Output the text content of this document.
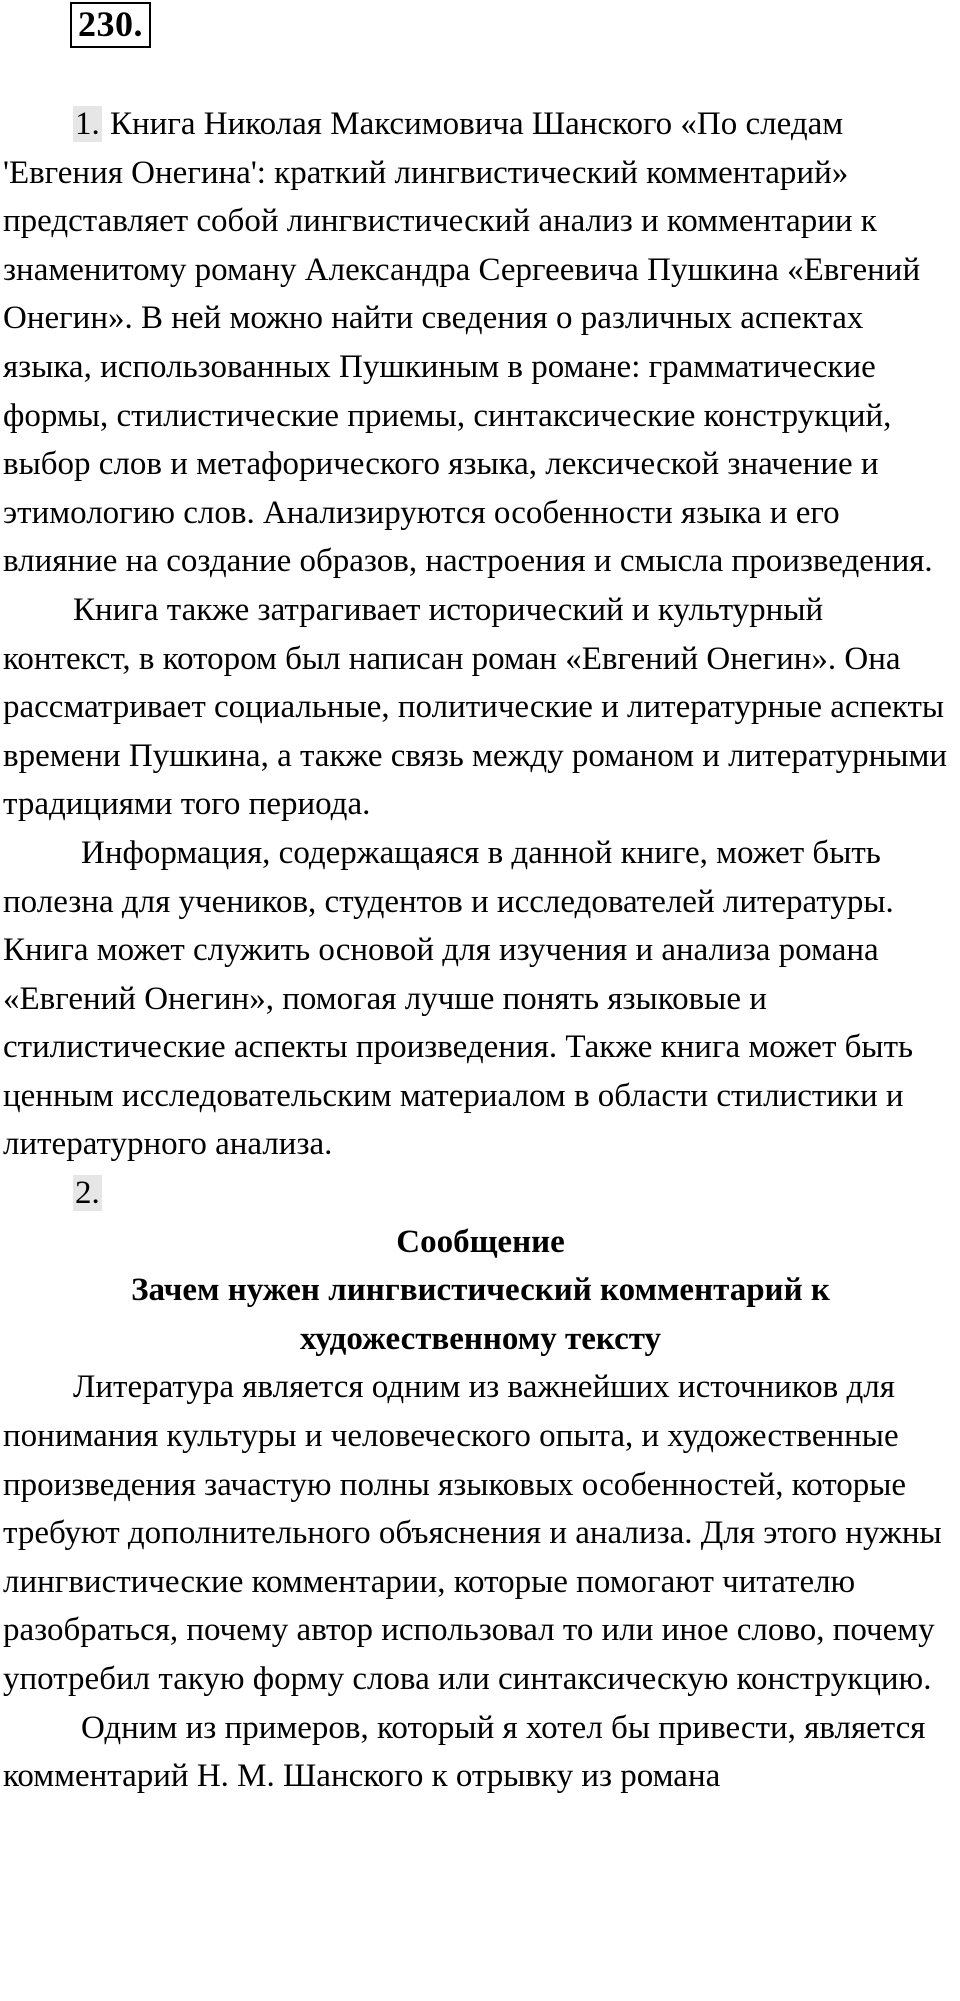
230.

1. Книга Николая Максимовича Шанского «По следам 'Евгения Онегина': краткий лингвистический комментарий» представляет собой лингвистический анализ и комментарии к знаменитому роману Александра Сергеевича Пушкина «Евгений Онегин». В ней можно найти сведения о различных аспектах языка, использованных Пушкиным в романе: грамматические формы, стилистические приемы, синтаксические конструкций, выбор слов и метафорического языка, лексической значение и этимологию слов. Анализируются особенности языка и его влияние на создание образов, настроения и смысла произведения.

Книга также затрагивает исторический и культурный контекст, в котором был написан роман «Евгений Онегин». Она рассматривает социальные, политические и литературные аспекты времени Пушкина, а также связь между романом и литературными традициями того периода.

Информация, содержащаяся в данной книге, может быть полезна для учеников, студентов и исследователей литературы. Книга может служить основой для изучения и анализа романа «Евгений Онегин», помогая лучше понять языковые и стилистические аспекты произведения. Также книга может быть ценным исследовательским материалом в области стилистики и литературного анализа.

2.

Сообщение

Зачем нужен лингвистический комментарий к художественному тексту

Литература является одним из важнейших источников для понимания культуры и человеческого опыта, и художественные произведения зачастую полны языковых особенностей, которые требуют дополнительного объяснения и анализа. Для этого нужны лингвистические комментарии, которые помогают читателю разобраться, почему автор использовал то или иное слово, почему употребил такую форму слова или синтаксическую конструкцию.

Одним из примеров, который я хотел бы привести, является комментарий Н. М. Шанского к отрывку из романа
